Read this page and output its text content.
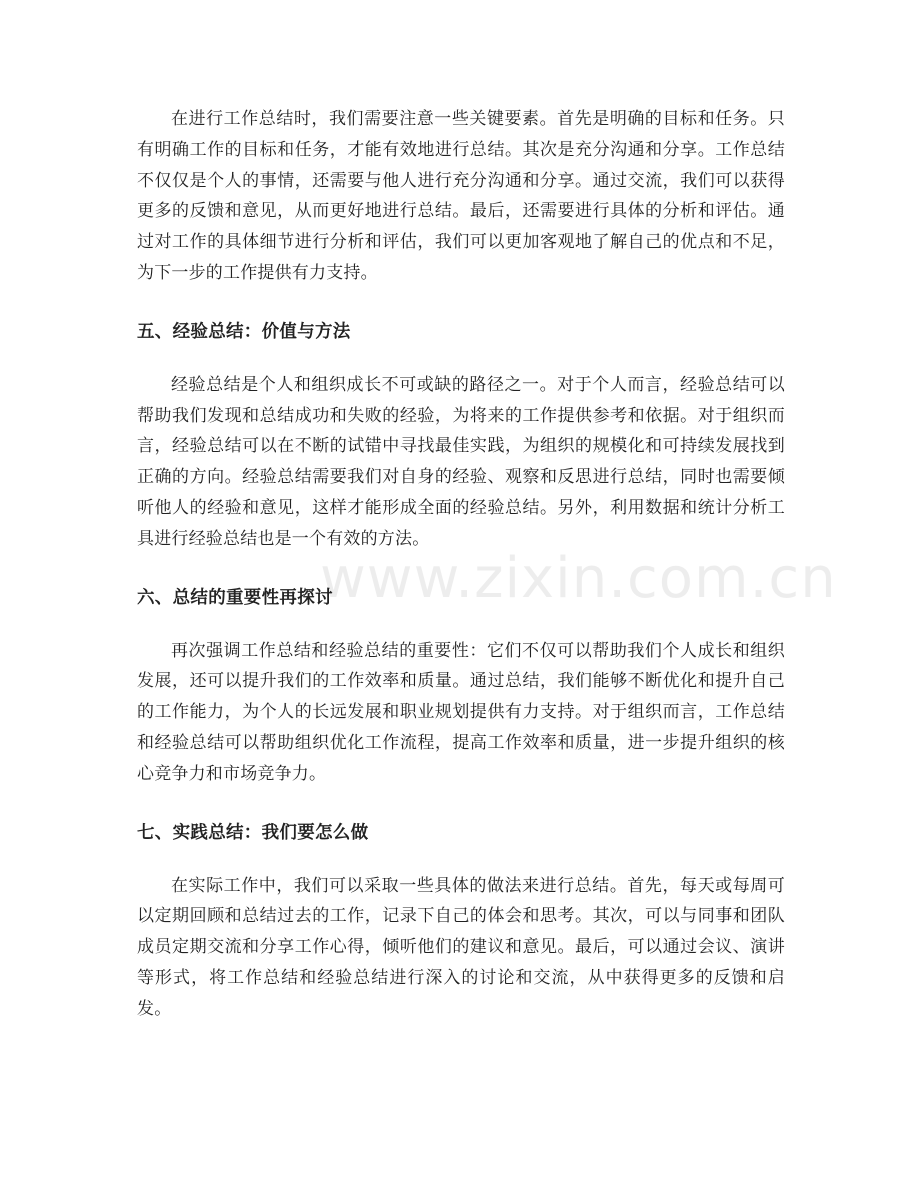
在进行工作总结时，我们需要注意一些关键要素。首先是明确的目标和任务。只有明确工作的目标和任务，才能有效地进行总结。其次是充分沟通和分享。工作总结不仅仅是个人的事情，还需要与他人进行充分沟通和分享。通过交流，我们可以获得更多的反馈和意见，从而更好地进行总结。最后，还需要进行具体的分析和评估。通过对工作的具体细节进行分析和评估，我们可以更加客观地了解自己的优点和不足，为下一步的工作提供有力支持。

五、经验总结：价值与方法

经验总结是个人和组织成长不可或缺的路径之一。对于个人而言，经验总结可以帮助我们发现和总结成功和失败的经验，为将来的工作提供参考和依据。对于组织而言，经验总结可以在不断的试错中寻找最佳实践，为组织的规模化和可持续发展找到正确的方向。经验总结需要我们对自身的经验、观察和反思进行总结，同时也需要倾听他人的经验和意见，这样才能形成全面的经验总结。另外，利用数据和统计分析工具进行经验总结也是一个有效的方法。

六、总结的重要性再探讨

再次强调工作总结和经验总结的重要性：它们不仅可以帮助我们个人成长和组织发展，还可以提升我们的工作效率和质量。通过总结，我们能够不断优化和提升自己的工作能力，为个人的长远发展和职业规划提供有力支持。对于组织而言，工作总结和经验总结可以帮助组织优化工作流程，提高工作效率和质量，进一步提升组织的核心竞争力和市场竞争力。

七、实践总结：我们要怎么做

在实际工作中，我们可以采取一些具体的做法来进行总结。首先，每天或每周可以定期回顾和总结过去的工作，记录下自己的体会和思考。其次，可以与同事和团队成员定期交流和分享工作心得，倾听他们的建议和意见。最后，可以通过会议、演讲等形式，将工作总结和经验总结进行深入的讨论和交流，从中获得更多的反馈和启发。

www.zixin.com.cn
